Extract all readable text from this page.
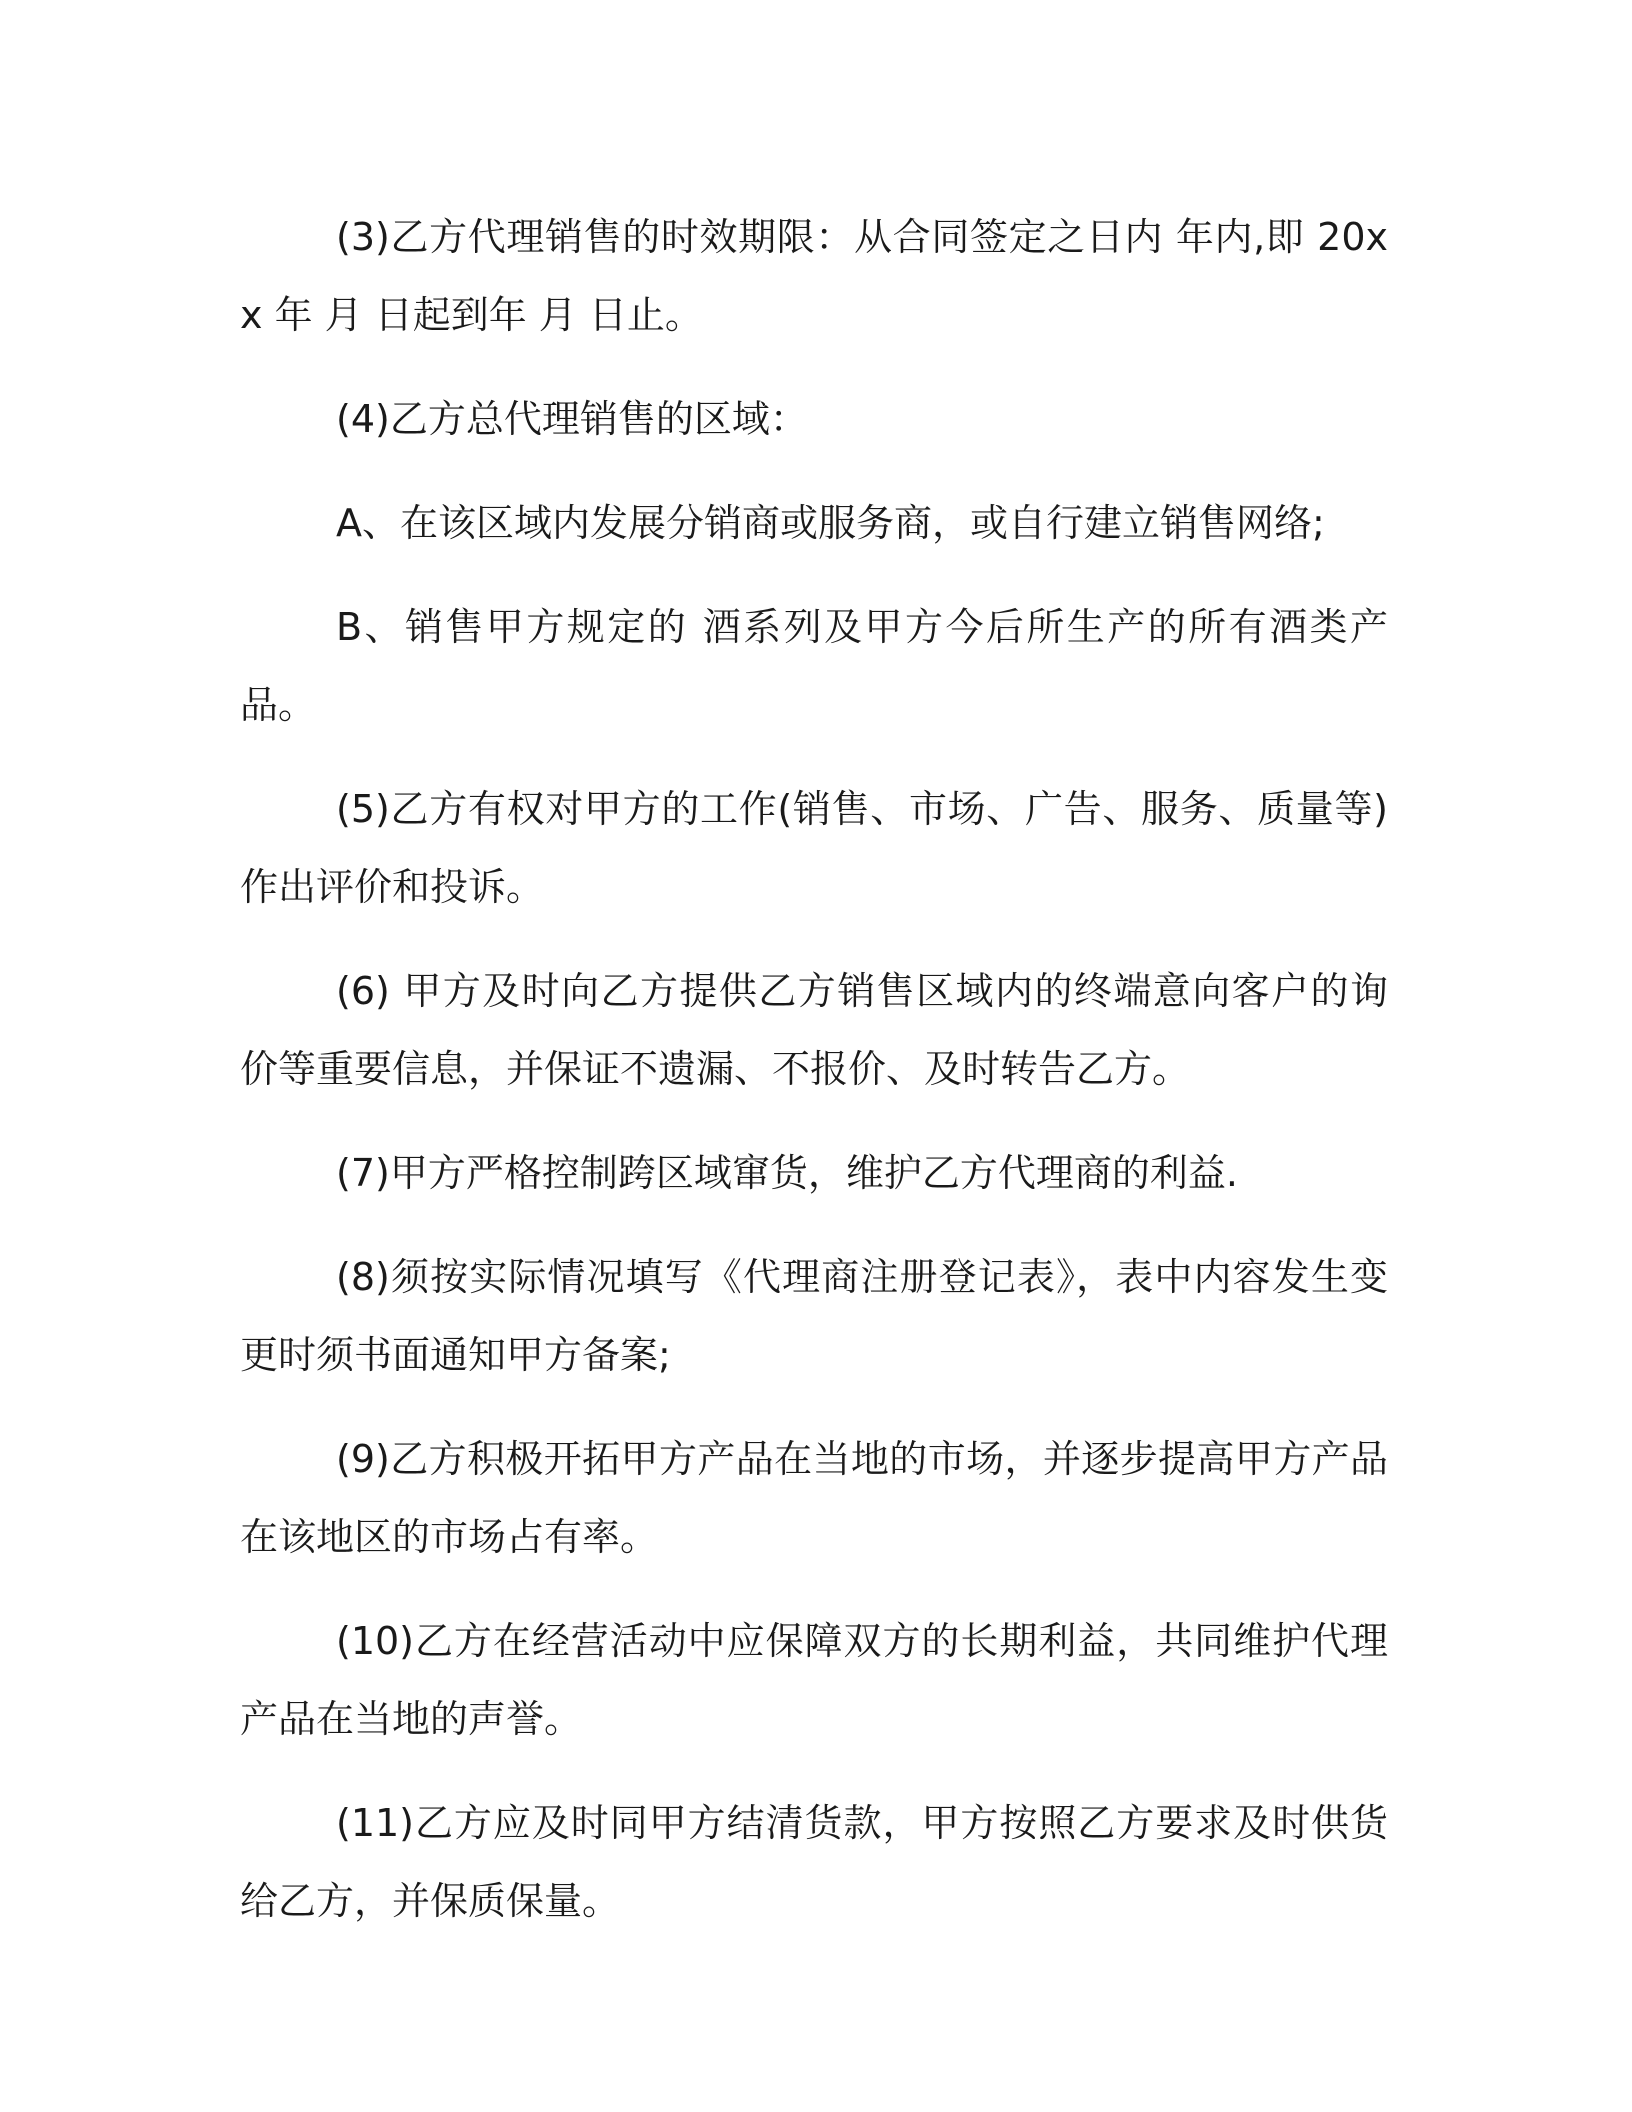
(3)乙方代理销售的时效期限：从合同签定之日内 年内,即 20xx 年 月 日起到年 月 日止。

(4)乙方总代理销售的区域：

A、在该区域内发展分销商或服务商，或自行建立销售网络;

B、销售甲方规定的 酒系列及甲方今后所生产的所有酒类产品。

(5)乙方有权对甲方的工作(销售、市场、广告、服务、质量等)作出评价和投诉。

(6) 甲方及时向乙方提供乙方销售区域内的终端意向客户的询价等重要信息，并保证不遗漏、不报价、及时转告乙方。

(7)甲方严格控制跨区域窜货，维护乙方代理商的利益.

(8)须按实际情况填写《代理商注册登记表》，表中内容发生变更时须书面通知甲方备案;

(9)乙方积极开拓甲方产品在当地的市场，并逐步提高甲方产品在该地区的市场占有率。

(10)乙方在经营活动中应保障双方的长期利益，共同维护代理产品在当地的声誉。

(11)乙方应及时同甲方结清货款，甲方按照乙方要求及时供货给乙方，并保质保量。
